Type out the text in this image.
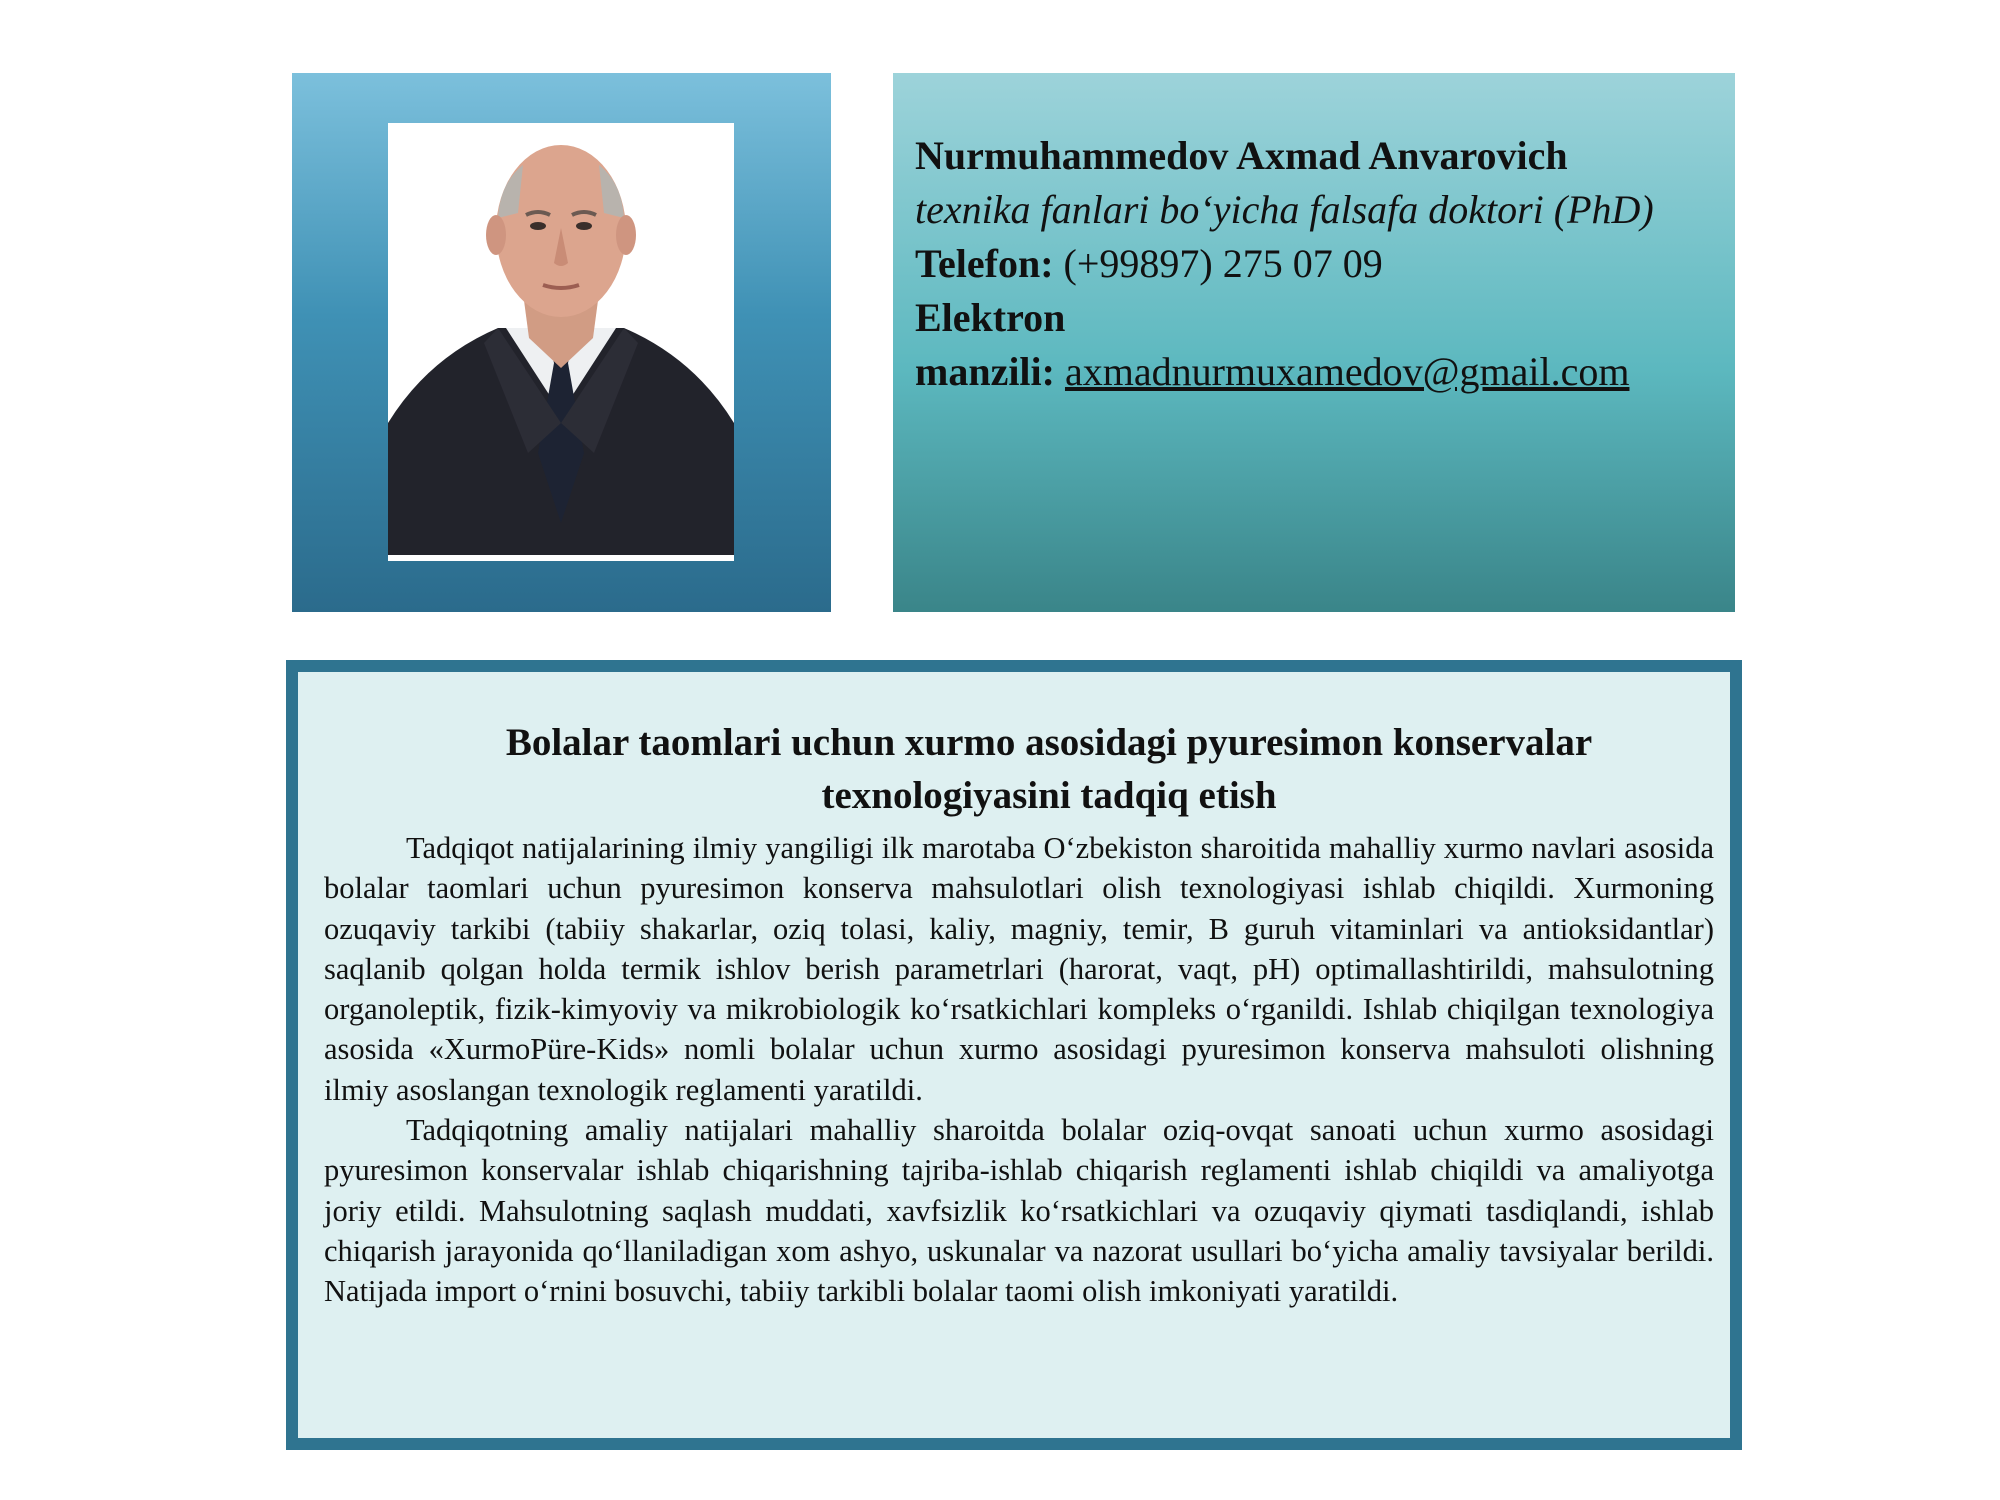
Nurmuhammedov Axmad Anvarovich

texnika fanlari bo‘yicha falsafa doktori (PhD)

Telefon: (+99897) 275 07 09

Elektron

manzili: axmadnurmuxamedov@gmail.com

Bolalar taomlari uchun xurmo asosidagi pyuresimon konservalar texnologiyasini tadqiq etish

Tadqiqot natijalarining ilmiy yangiligi ilk marotaba O‘zbekiston sharoitida mahalliy xurmo navlari asosida bolalar taomlari uchun pyuresimon konserva mahsulotlari olish texnologiyasi ishlab chiqildi. Xurmoning ozuqaviy tarkibi (tabiiy shakarlar, oziq tolasi, kaliy, magniy, temir, B guruh vitaminlari va antioksidantlar) saqlanib qolgan holda termik ishlov berish parametrlari (harorat, vaqt, pH) optimallashtirildi, mahsulotning organoleptik, fizik-kimyoviy va mikrobiologik ko‘rsatkichlari kompleks o‘rganildi. Ishlab chiqilgan texnologiya asosida «XurmoPüre-Kids» nomli bolalar uchun xurmo asosidagi pyuresimon konserva mahsuloti olishning ilmiy asoslangan texnologik reglamenti yaratildi.

Tadqiqotning amaliy natijalari mahalliy sharoitda bolalar oziq-ovqat sanoati uchun xurmo asosidagi pyuresimon konservalar ishlab chiqarishning tajriba-ishlab chiqarish reglamenti ishlab chiqildi va amaliyotga joriy etildi. Mahsulotning saqlash muddati, xavfsizlik ko‘rsatkichlari va ozuqaviy qiymati tasdiqlandi, ishlab chiqarish jarayonida qo‘llaniladigan xom ashyo, uskunalar va nazorat usullari bo‘yicha amaliy tavsiyalar berildi. Natijada import o‘rnini bosuvchi, tabiiy tarkibli bolalar taomi olish imkoniyati yaratildi.
